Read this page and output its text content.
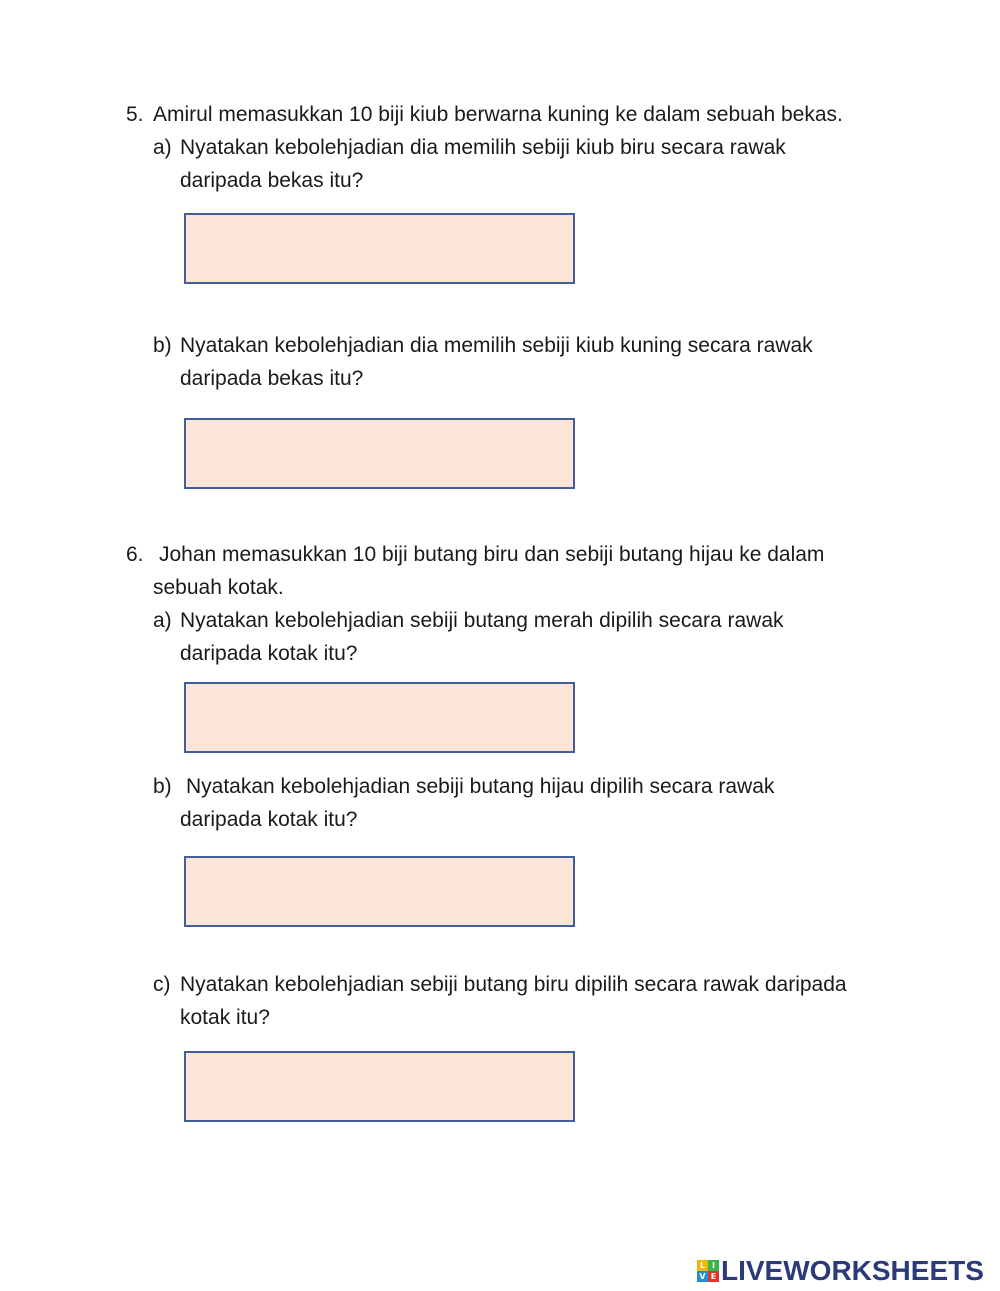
5. Amirul memasukkan 10 biji kiub berwarna kuning ke dalam sebuah bekas.
a) Nyatakan kebolehjadian dia memilih sebiji kiub biru secara rawak
daripada bekas itu?
b) Nyatakan kebolehjadian dia memilih sebiji kiub kuning secara rawak
daripada bekas itu?
6. Johan memasukkan 10 biji butang biru dan sebiji butang hijau ke dalam
sebuah kotak.
a) Nyatakan kebolehjadian sebiji butang merah dipilih secara rawak
daripada kotak itu?
b) Nyatakan kebolehjadian sebiji butang hijau dipilih secara rawak
daripada kotak itu?
c) Nyatakan kebolehjadian sebiji butang biru dipilih secara rawak daripada
kotak itu?
L I
V E LIVEWORKSHEETS
